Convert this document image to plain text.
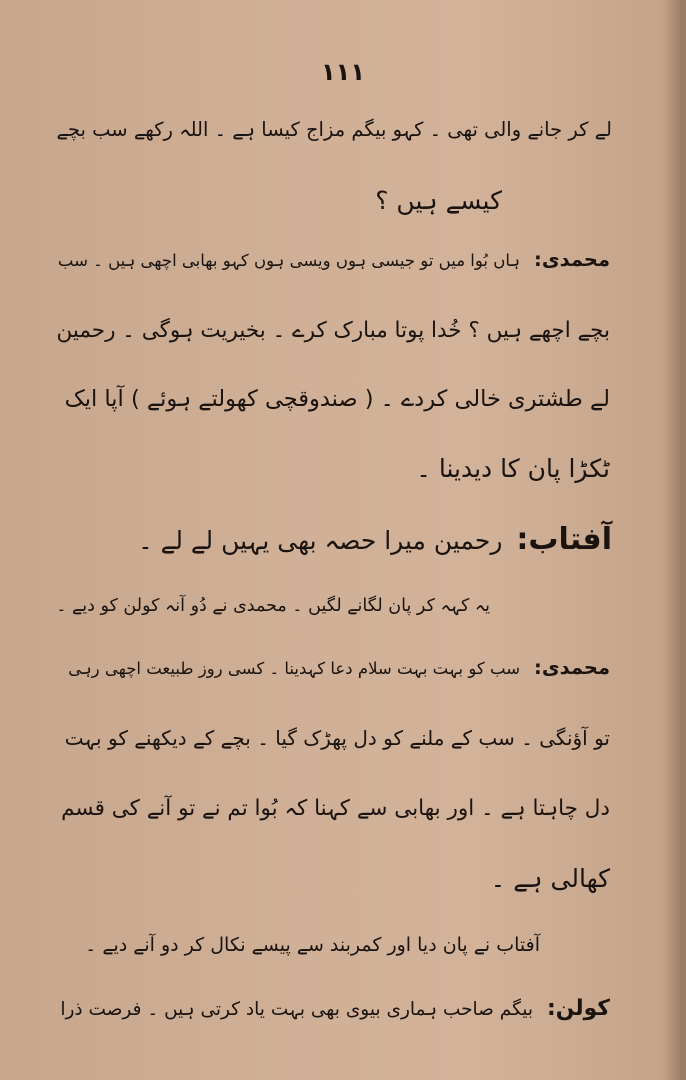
۱۱۱
لے کر جانے والی تھی ۔ کہو بیگم مزاج کیسا ہے ۔ اللہ رکھے سب بچے
کیسے ہیں ؟
محمدی:ہاں بُوا میں تو جیسی ہوں ویسی ہوں کہو بھابی اچھی ہیں ۔ سب
بچے اچھے ہیں ؟ خُدا پوتا مبارک کرے ۔ بخیریت ہوگی ۔ رحمین
لے طشتری خالی کردے ۔ ( صندوقچی کھولتے ہوئے ) آپا ایک
ٹکڑا پان کا دیدینا ۔
آفتاب:رحمین میرا حصہ بھی یہیں لے لے ۔
یہ کہہ کر پان لگانے لگیں ۔ محمدی نے دُو آنہ کولن کو دیے ۔
محمدی:سب کو بہت بہت سلام دعا کہدینا ۔ کسی روز طبیعت اچھی رہی
تو آؤنگی ۔ سب کے ملنے کو دل پھڑک گیا ۔ بچے کے دیکھنے کو بہت
دل چاہتا ہے ۔ اور بھابی سے کہنا کہ بُوا تم نے تو آنے کی قسم
کھالی ہے ۔
آفتاب نے پان دیا اور کمربند سے پیسے نکال کر دو آنے دیے ۔
کولن:بیگم صاحب ہماری بیوی بھی بہت یاد کرتی ہیں ۔ فرصت ذرا
